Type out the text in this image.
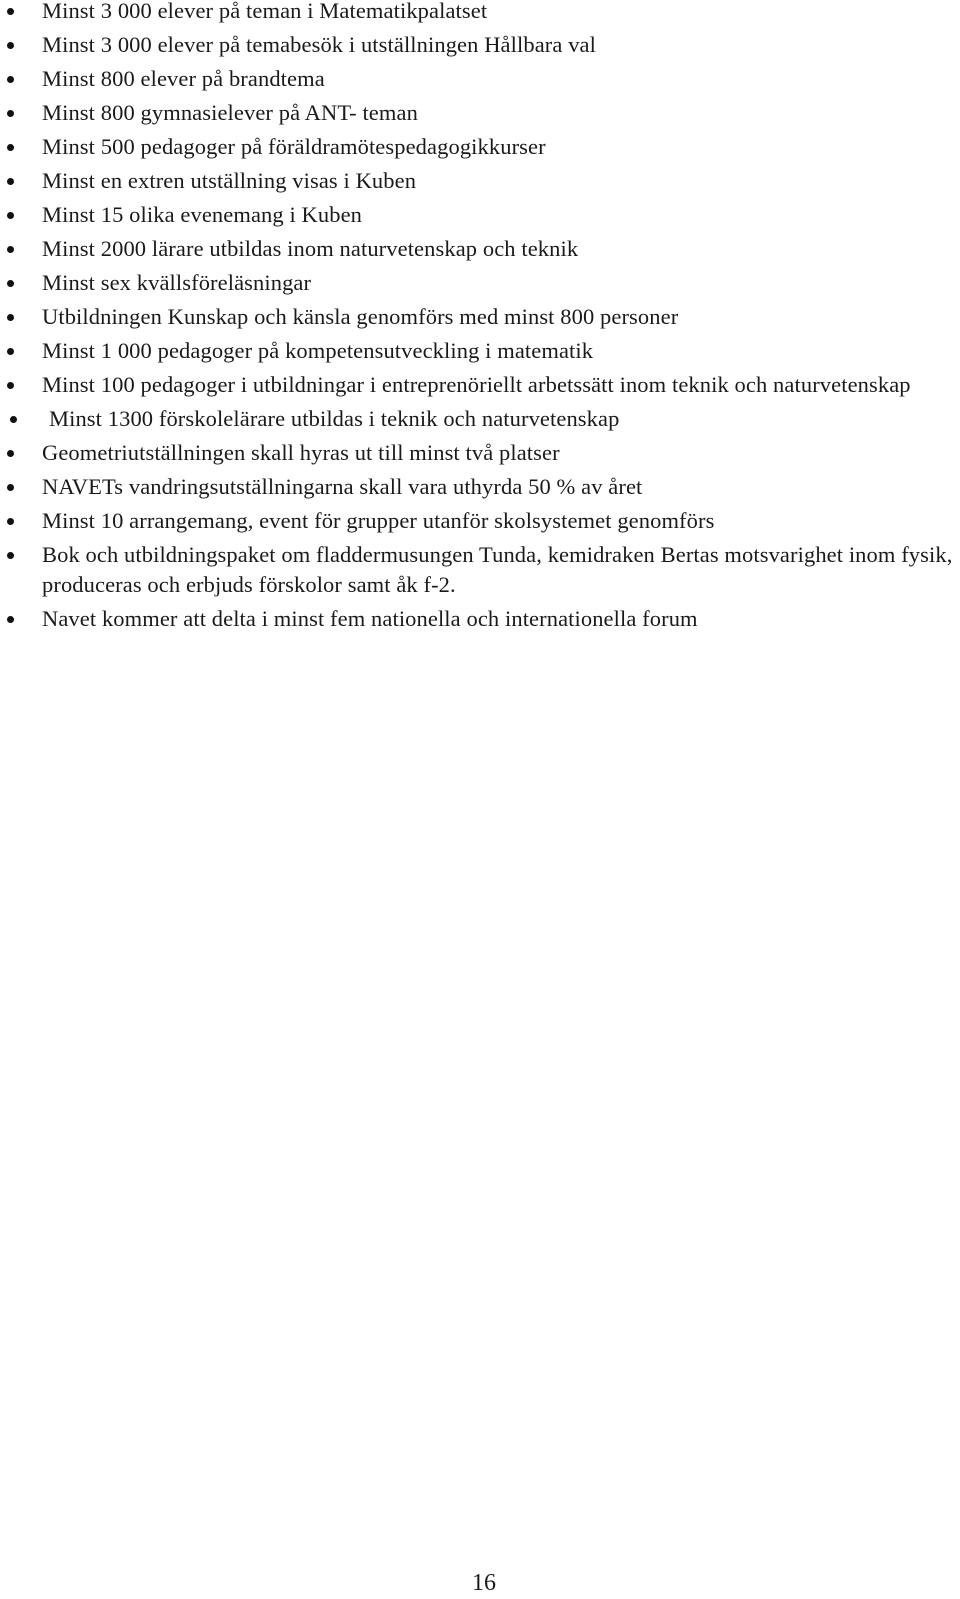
Minst 3 000 elever på teman i Matematikpalatset
Minst 3 000 elever på temabesök i utställningen Hållbara val
Minst 800 elever på brandtema
Minst 800 gymnasielever på ANT- teman
Minst 500 pedagoger på föräldramötespedagogikkurser
Minst en extren utställning visas i Kuben
Minst 15 olika evenemang i Kuben
Minst 2000 lärare utbildas inom naturvetenskap och teknik
Minst sex kvällsföreläsningar
Utbildningen Kunskap och känsla genomförs med minst 800 personer
Minst 1 000 pedagoger på kompetensutveckling i matematik
Minst 100 pedagoger i utbildningar i entreprenöriellt arbetssätt inom teknik och naturvetenskap
Minst 1300 förskolelärare utbildas i teknik och naturvetenskap
Geometriutställningen skall hyras ut till minst två platser
NAVETs vandringsutställningarna skall vara uthyrda 50 % av året
Minst 10 arrangemang, event för grupper utanför skolsystemet genomförs
Bok och utbildningspaket om fladdermusungen Tunda, kemidraken Bertas motsvarighet inom fysik, produceras och erbjuds förskolor samt åk f-2.
Navet kommer att delta i minst fem nationella och internationella forum
16
